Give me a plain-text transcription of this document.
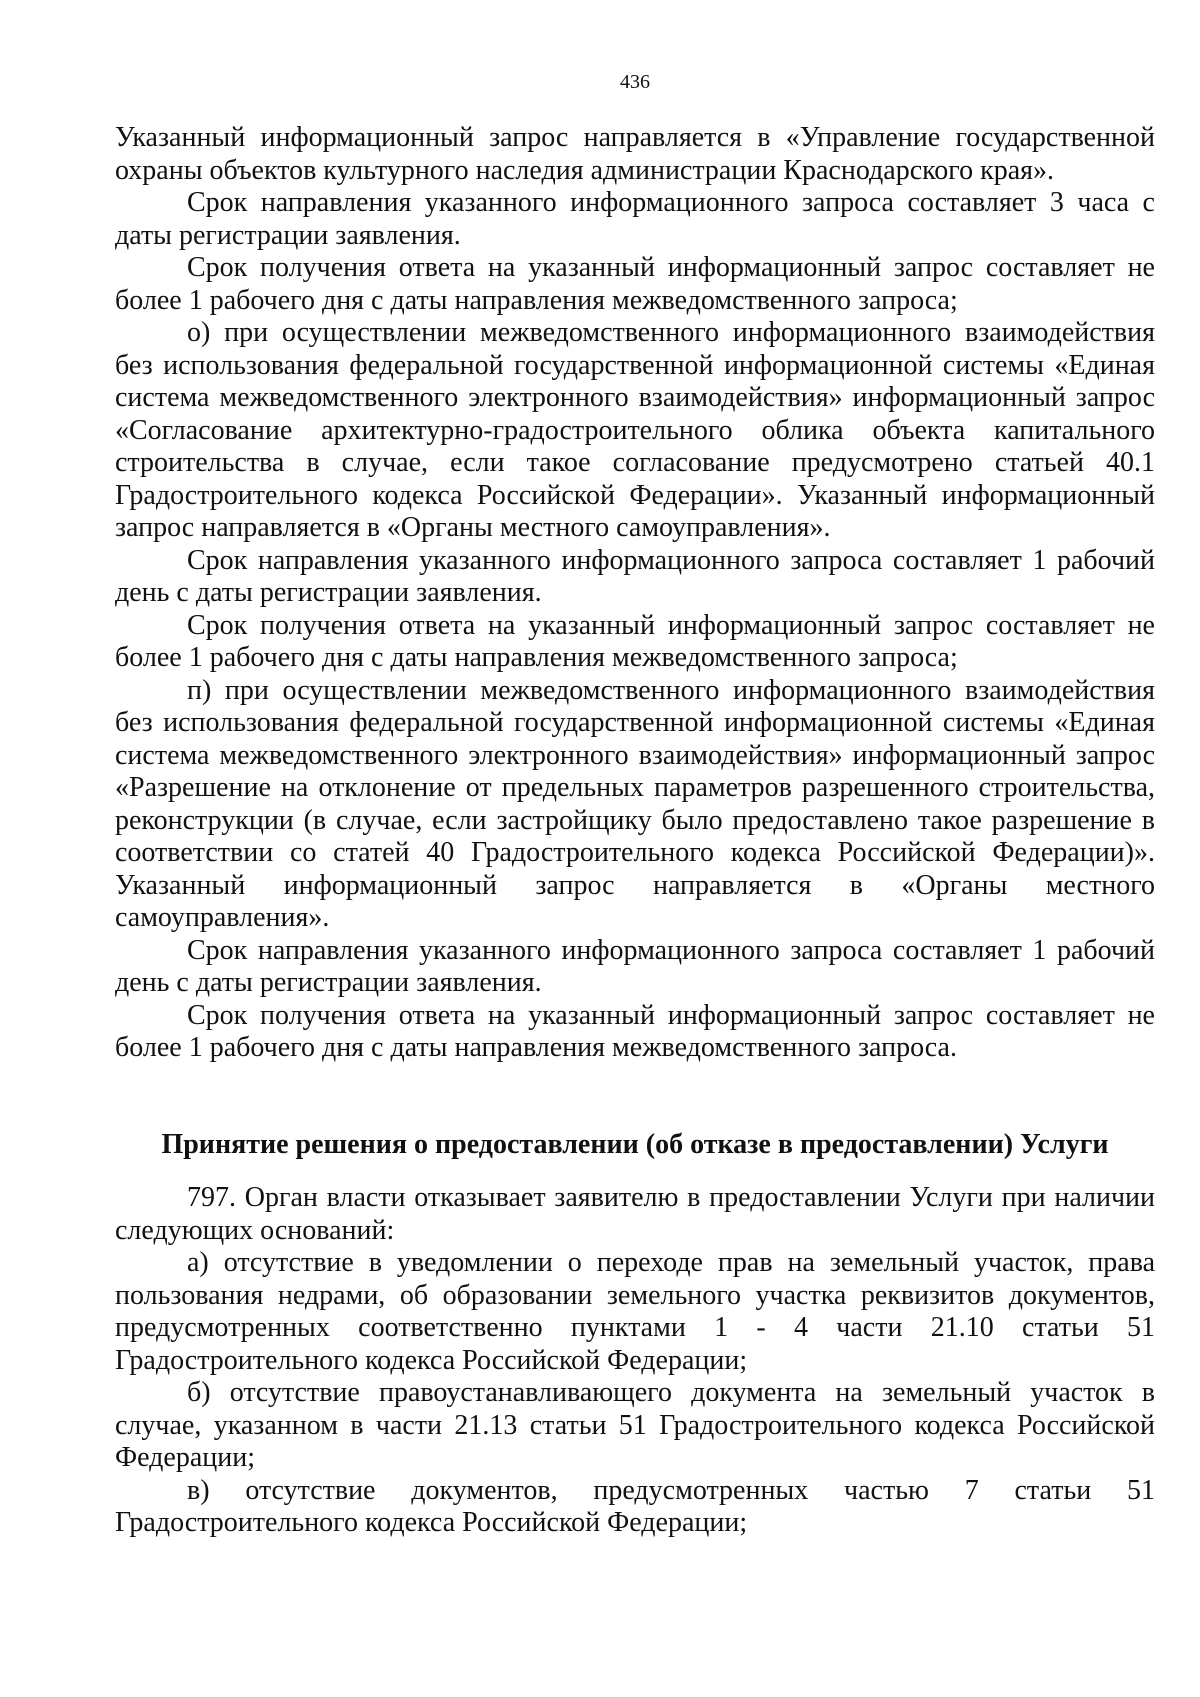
436

Указанный информационный запрос направляется в «Управление государственной охраны объектов культурного наследия администрации Краснодарского края».

Срок направления указанного информационного запроса составляет 3 часа с даты регистрации заявления.

Срок получения ответа на указанный информационный запрос составляет не более 1 рабочего дня с даты направления межведомственного запроса;

о) при осуществлении межведомственного информационного взаимодействия без использования федеральной государственной информационной системы «Единая система межведомственного электронного взаимодействия» информационный запрос «Согласование архитектурно-градостроительного облика объекта капитального строительства в случае, если такое согласование предусмотрено статьей 40.1 Градостроительного кодекса Российской Федерации». Указанный информационный запрос направляется в «Органы местного самоуправления».

Срок направления указанного информационного запроса составляет 1 рабочий день с даты регистрации заявления.

Срок получения ответа на указанный информационный запрос составляет не более 1 рабочего дня с даты направления межведомственного запроса;

п) при осуществлении межведомственного информационного взаимодействия без использования федеральной государственной информационной системы «Единая система межведомственного электронного взаимодействия» информационный запрос «Разрешение на отклонение от предельных параметров разрешенного строительства, реконструкции (в случае, если застройщику было предоставлено такое разрешение в соответствии со статей 40 Градостроительного кодекса Российской Федерации)». Указанный информационный запрос направляется в «Органы местного самоуправления».

Срок направления указанного информационного запроса составляет 1 рабочий день с даты регистрации заявления.

Срок получения ответа на указанный информационный запрос составляет не более 1 рабочего дня с даты направления межведомственного запроса.

Принятие решения о предоставлении (об отказе в предоставлении) Услуги

797. Орган власти отказывает заявителю в предоставлении Услуги при наличии следующих оснований:

а) отсутствие в уведомлении о переходе прав на земельный участок, права пользования недрами, об образовании земельного участка реквизитов документов, предусмотренных соответственно пунктами 1 - 4 части 21.10 статьи 51 Градостроительного кодекса Российской Федерации;

б) отсутствие правоустанавливающего документа на земельный участок в случае, указанном в части 21.13 статьи 51 Градостроительного кодекса Российской Федерации;

в) отсутствие документов, предусмотренных частью 7 статьи 51 Градостроительного кодекса Российской Федерации;
